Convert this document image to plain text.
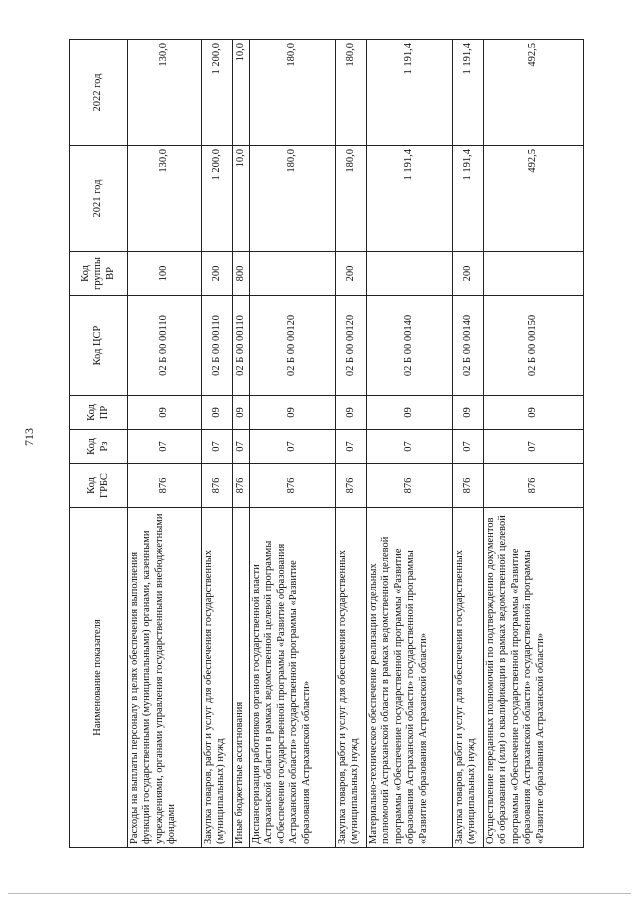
713
Наименование показателя	Код ГРБС	Код Рз	Код ПР	Код ЦСР	Код группы ВР	2021 год	2022 год
Расходы на выплаты персоналу в целях обеспечения выполнения функций государственными (муниципальными) органами, казенными учреждениями, органами управления государственными внебюджетными фондами	876	07	09	02 Б 00 00110	100	130,0	130,0
Закупка товаров, работ и услуг для обеспечения государственных (муниципальных) нужд	876	07	09	02 Б 00 00110	200	1 200,0	1 200,0
Иные бюджетные ассигнования	876	07	09	02 Б 00 00110	800	10,0	10,0
Диспансеризация работников органов государственной власти Астраханской области в рамках ведомственной целевой программы «Обеспечение государственной программы «Развитие образования Астраханской области» государственной программы «Развитие образования Астраханской области»	876	07	09	02 Б 00 00120		180,0	180,0
Закупка товаров, работ и услуг для обеспечения государственных (муниципальных) нужд	876	07	09	02 Б 00 00120	200	180,0	180,0
Материально-техническое обеспечение реализации отдельных полномочий Астраханской области в рамках ведомственной целевой программы «Обеспечение государственной программы «Развитие образования Астраханской области» государственной программы «Развитие образования Астраханской области»	876	07	09	02 Б 00 00140		1 191,4	1 191,4
Закупка товаров, работ и услуг для обеспечения государственных (муниципальных) нужд	876	07	09	02 Б 00 00140	200	1 191,4	1 191,4
Осуществление переданных полномочий по подтверждению документов об образовании и (или) о квалификации в рамках ведомственной целевой программы «Обеспечение государственной программы «Развитие образования Астраханской области» государственной программы «Развитие образования Астраханской области»	876	07	09	02 Б 00 00150		492,5	492,5
